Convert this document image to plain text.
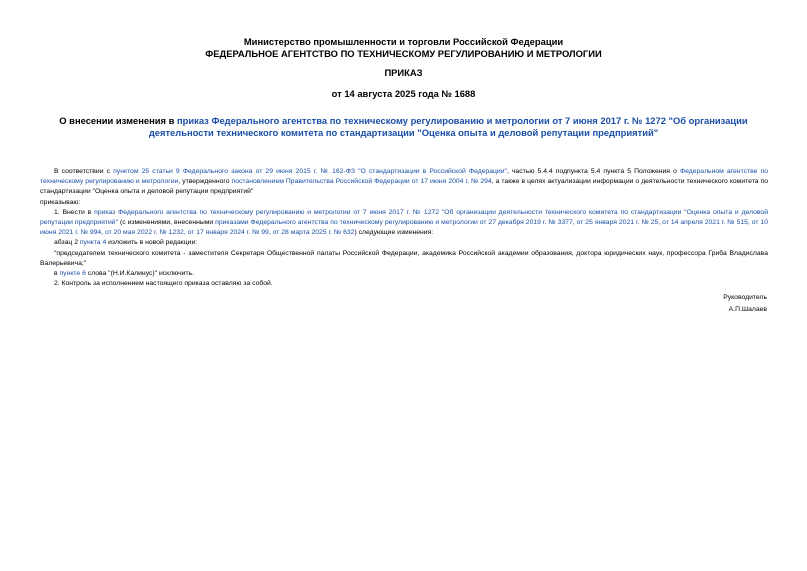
Министерство промышленности и торговли Российской Федерации
ФЕДЕРАЛЬНОЕ АГЕНТСТВО ПО ТЕХНИЧЕСКОМУ РЕГУЛИРОВАНИЮ И МЕТРОЛОГИИ
ПРИКАЗ
от 14 августа 2025 года № 1688
О внесении изменения в приказ Федерального агентства по техническому регулированию и метрологии от 7 июня 2017 г. № 1272 "Об организации деятельности технического комитета по стандартизации "Оценка опыта и деловой репутации предприятий"

В соответствии с пунктом 25 статьи 9 Федерального закона от 29 июня 2015 г. № 162-ФЗ "О стандартизации в Российской Федерации", частью 5.4.4 подпункта 5.4 пункта 5 Положения о Федеральном агентстве по техническому регулированию и метрологии, утвержденного постановлением Правительства Российской Федерации от 17 июня 2004 г. № 294, а также в целях актуализации информации о деятельности технического комитета по стандартизации "Оценка опыта и деловой репутации предприятий"

приказываю:

1. Внести в приказ Федерального агентства по техническому регулированию и метрологии от 7 июня 2017 г. № 1272 "Об организации деятельности технического комитета по стандартизации "Оценка опыта и деловой репутации предприятий" (с изменениями, внесенными приказами Федерального агентства по техническому регулированию и метрологии от 27 декабря 2019 г. № 3377, от 25 января 2021 г. № 25, от 14 апреля 2021 г. № 515, от 10 июня 2021 г. № 994, от 20 мая 2022 г. № 1232, от 17 января 2024 г. № 99, от 28 марта 2025 г. № 632) следующие изменения:

абзац 2 пункта 4 изложить в новой редакции:

"председателем технического комитета - заместителя Секретаря Общественной палаты Российской Федерации, академика Российской академии образования, доктора юридических наук, профессора Гриба Владислава Валерьевича;"

в пункте 6 слова "(Н.И.Калинус)" исключить.

2. Контроль за исполнением настоящего приказа оставляю за собой.

Руководитель
А.П.Шалаев
